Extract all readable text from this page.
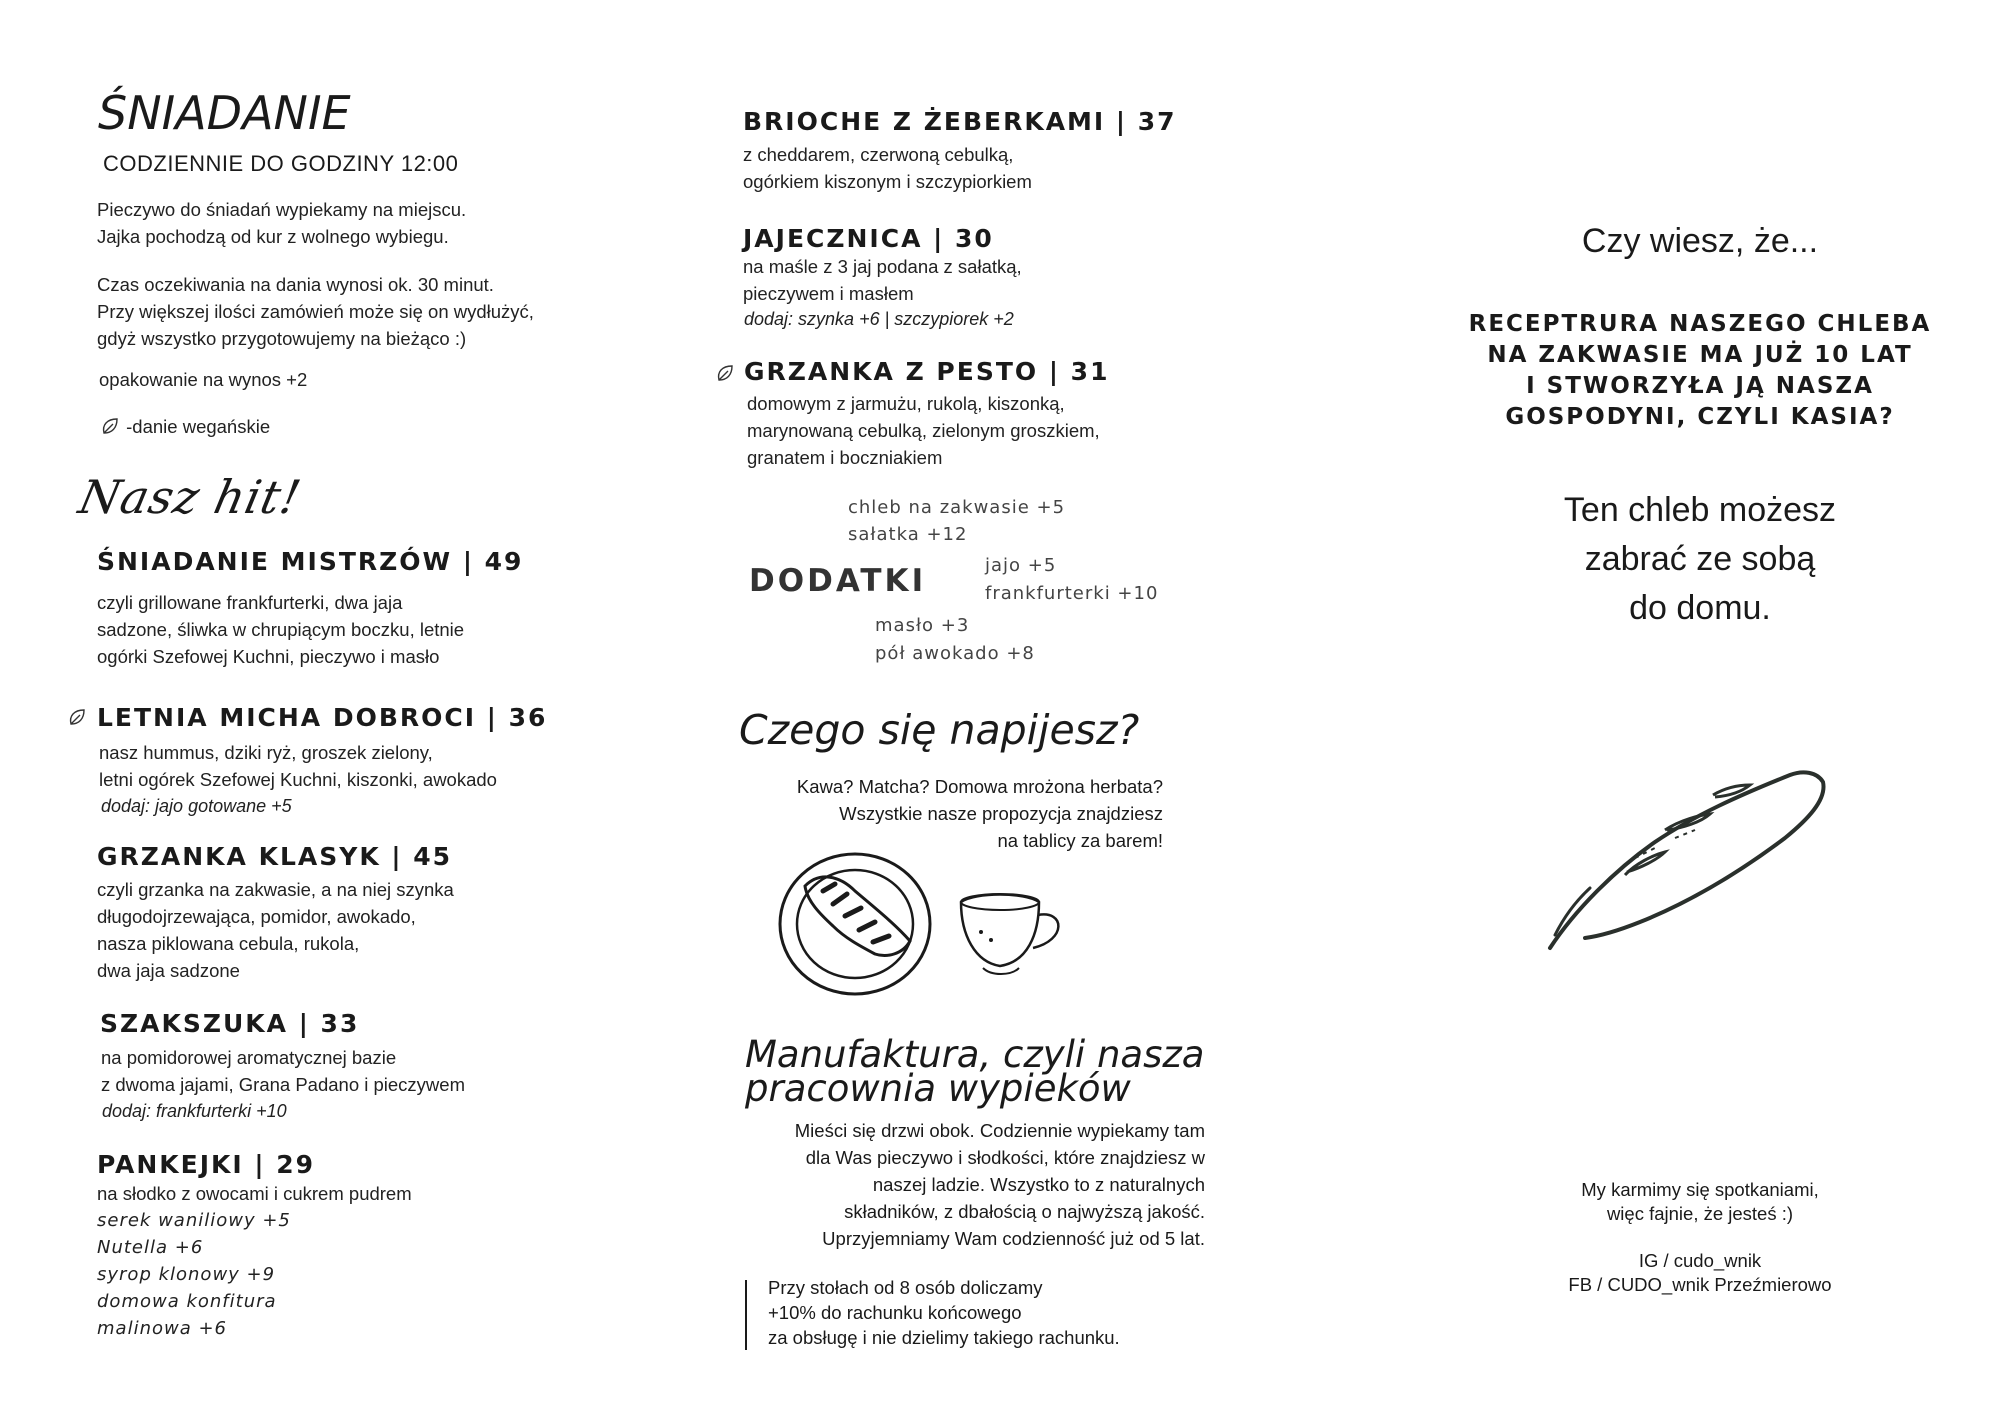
ŚNIADANIE
CODZIENNIE DO GODZINY 12:00
Pieczywo do śniadań wypiekamy na miejscu.
Jajka pochodzą od kur z wolnego wybiegu.
Czas oczekiwania na dania wynosi ok. 30 minut.
Przy większej ilości zamówień może się on wydłużyć,
gdyż wszystko przygotowujemy na bieżąco :)
opakowanie na wynos +2
-danie wegańskie
Nasz hit!
ŚNIADANIE MISTRZÓW | 49
czyli grillowane frankfurterki, dwa jaja
sadzone, śliwka w chrupiącym boczku, letnie
ogórki Szefowej Kuchni, pieczywo i masło
LETNIA MICHA DOBROCI | 36
nasz hummus, dziki ryż, groszek zielony,
letni ogórek Szefowej Kuchni, kiszonki, awokado
dodaj: jajo gotowane +5
GRZANKA KLASYK | 45
czyli grzanka na zakwasie, a na niej szynka
długodojrzewająca, pomidor, awokado,
nasza piklowana cebula, rukola,
dwa jaja sadzone
SZAKSZUKA | 33
na pomidorowej aromatycznej bazie
z dwoma jajami, Grana Padano i pieczywem
dodaj: frankfurterki +10
PANKEJKI | 29
na słodko z owocami i cukrem pudrem
serek waniliowy +5
Nutella +6
syrop klonowy +9
domowa konfitura
malinowa +6
BRIOCHE Z ŻEBERKAMI | 37
z cheddarem, czerwoną cebulką,
ogórkiem kiszonym i szczypiorkiem
JAJECZNICA | 30
na maśle z 3 jaj podana z sałatką,
pieczywem i masłem
dodaj: szynka +6 | szczypiorek +2
GRZANKA Z PESTO | 31
domowym z jarmużu, rukolą, kiszonką,
marynowaną cebulką, zielonym groszkiem,
granatem i boczniakiem
chleb na zakwasie +5
sałatka +12
DODATKI	jajo +5
frankfurterki +10
masło +3
pół awokado +8
Czego się napijesz?
Kawa? Matcha? Domowa mrożona herbata?
Wszystkie nasze propozycja znajdziesz
na tablicy za barem!
Manufaktura, czyli nasza
pracownia wypieków
Mieści się drzwi obok. Codziennie wypiekamy tam
dla Was pieczywo i słodkości, które znajdziesz w
naszej ladzie. Wszystko to z naturalnych
składników, z dbałością o najwyższą jakość.
Uprzyjemniamy Wam codzienność już od 5 lat.
Przy stołach od 8 osób doliczamy
+10% do rachunku końcowego
za obsługę i nie dzielimy takiego rachunku.
Czy wiesz, że...
RECEPTRURA NASZEGO CHLEBA
NA ZAKWASIE MA JUŻ 10 LAT
I STWORZYŁA JĄ NASZA
GOSPODYNI, CZYLI KASIA?
Ten chleb możesz
zabrać ze sobą
do domu.
My karmimy się spotkaniami,
więc fajnie, że jesteś :)
IG / cudo_wnik
FB / CUDO_wnik Przeźmierowo
